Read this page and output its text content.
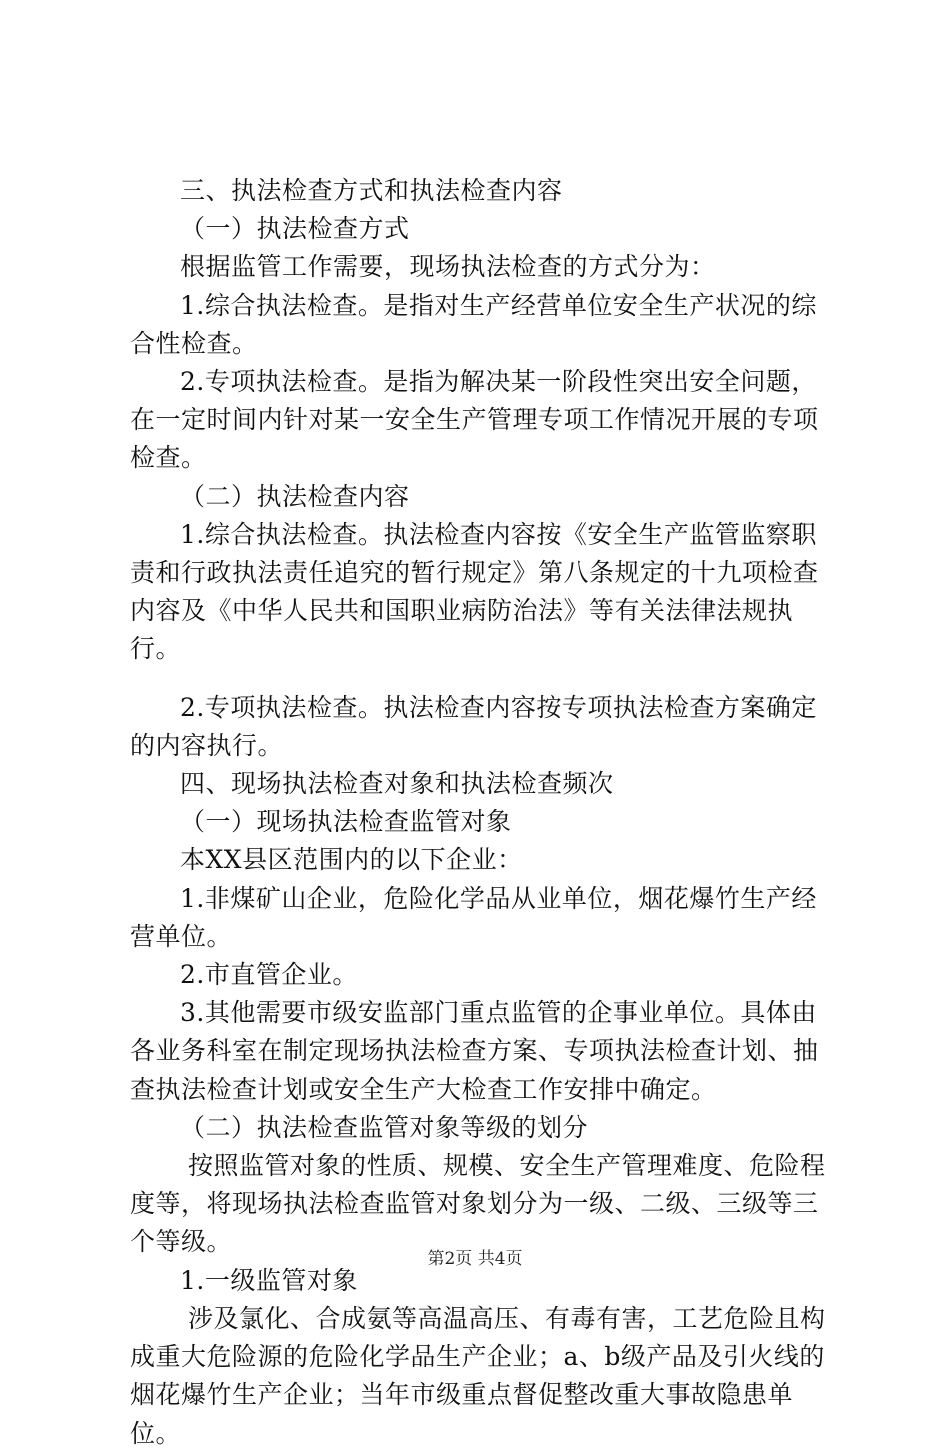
三、执法检查方式和执法检查内容

（一）执法检查方式

根据监管工作需要，现场执法检查的方式分为：

1.综合执法检查。是指对生产经营单位安全生产状况的综合性检查。

2.专项执法检查。是指为解决某一阶段性突出安全问题，在一定时间内针对某一安全生产管理专项工作情况开展的专项检查。

（二）执法检查内容

1.综合执法检查。执法检查内容按《安全生产监管监察职责和行政执法责任追究的暂行规定》第八条规定的十九项检查内容及《中华人民共和国职业病防治法》等有关法律法规执行。

2.专项执法检查。执法检查内容按专项执法检查方案确定的内容执行。

四、现场执法检查对象和执法检查频次

（一）现场执法检查监管对象

本XX县区范围内的以下企业：

1.非煤矿山企业，危险化学品从业单位，烟花爆竹生产经营单位。

2.市直管企业。

3.其他需要市级安监部门重点监管的企事业单位。具体由各业务科室在制定现场执法检查方案、专项执法检查计划、抽查执法检查计划或安全生产大检查工作安排中确定。

（二）执法检查监管对象等级的划分

按照监管对象的性质、规模、安全生产管理难度、危险程度等，将现场执法检查监管对象划分为一级、二级、三级等三个等级。

1.一级监管对象

涉及氯化、合成氨等高温高压、有毒有害，工艺危险且构成重大危险源的危险化学品生产企业；a、b级产品及引火线的烟花爆竹生产企业；当年市级重点督促整改重大事故隐患单位。

第2页 共4页
